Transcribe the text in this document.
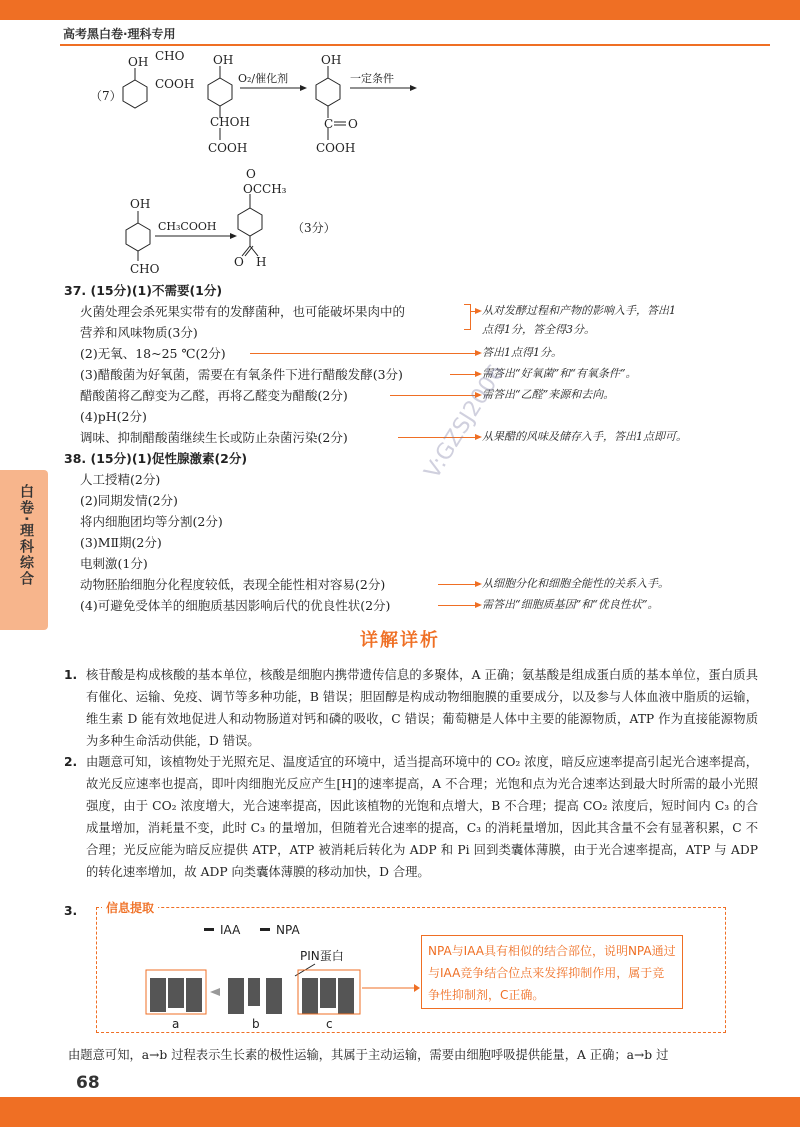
高考黑白卷·理科专用
白卷·理科综合
（7）
OH CHO
COOH
OH
CHOH
COOH
O₂/催化剂
OH
C O
COOH
一定条件
OH
CHO
CH₃COOH
O
OCCH₃
O H
（3分）
37. (15分)(1)不需要(1分)
火菌处理会杀死果实带有的发酵菌种，也可能破坏果肉中的
营养和风味物质(3分)
(2)无氧、18~25 ℃(2分)
(3)醋酸菌为好氧菌，需要在有氧条件下进行醋酸发酵(3分)
醋酸菌将乙醇变为乙醛，再将乙醛变为醋酸(2分)
(4)pH(2分)
调味、抑制醋酸菌继续生长或防止杂菌污染(2分)
38. (15分)(1)促性腺激素(2分)
人工授精(2分)
(2)同期发情(2分)
将内细胞团均等分割(2分)
(3)MⅡ期(2分)
电刺激(1分)
动物胚胎细胞分化程度较低，表现全能性相对容易(2分)
(4)可避免受体羊的细胞质基因影响后代的优良性状(2分)
从对发酵过程和产物的影响入手，答出1
点得1分，答全得3分。
答出1点得1分。
需答出“好氧菌”和“有氧条件”。
需答出“乙醛”来源和去向。
从果醋的风味及储存入手，答出1点即可。
从细胞分化和细胞全能性的关系入手。
需答出“细胞质基因”和“优良性状”。
V:GZSJ2006
详解详析
1. 核苷酸是构成核酸的基本单位，核酸是细胞内携带遗传信息的多聚体，A 正确；氨基酸是组成蛋白质的基本单位，蛋白质具有催化、运输、免疫、调节等多种功能，B 错误；胆固醇是构成动物细胞膜的重要成分，以及参与人体血液中脂质的运输，维生素 D 能有效地促进人和动物肠道对钙和磷的吸收，C 错误；葡萄糖是人体中主要的能源物质，ATP 作为直接能源物质为多种生命活动供能，D 错误。

2. 由题意可知，该植物处于光照充足、温度适宜的环境中，适当提高环境中的 CO₂ 浓度，暗反应速率提高引起光合速率提高，故光反应速率也提高，即叶肉细胞光反应产生[H]的速率提高，A 不合理；光饱和点为光合速率达到最大时所需的最小光照强度，由于 CO₂ 浓度增大，光合速率提高，因此该植物的光饱和点增大，B 不合理；提高 CO₂ 浓度后，短时间内 C₃ 的合成量增加，消耗量不变，此时 C₃ 的量增加，但随着光合速率的提高，C₃ 的消耗量增加，因此其含量不会有显著积累，C 不合理；光反应能为暗反应提供 ATP，ATP 被消耗后转化为 ADP 和 Pi 回到类囊体薄膜，由于光合速率提高，ATP 与 ADP 的转化速率增加，故 ADP 向类囊体薄膜的移动加快，D 合理。

3.	信息提取
IAA	NPA
PIN蛋白
a	b	c
NPA与IAA具有相似的结合部位，说明NPA通过与IAA竞争结合位点来发挥抑制作用，属于竞争性抑制剂，C正确。

由题意可知，a→b 过程表示生长素的极性运输，其属于主动运输，需要由细胞呼吸提供能量，A 正确；a→b 过

68
